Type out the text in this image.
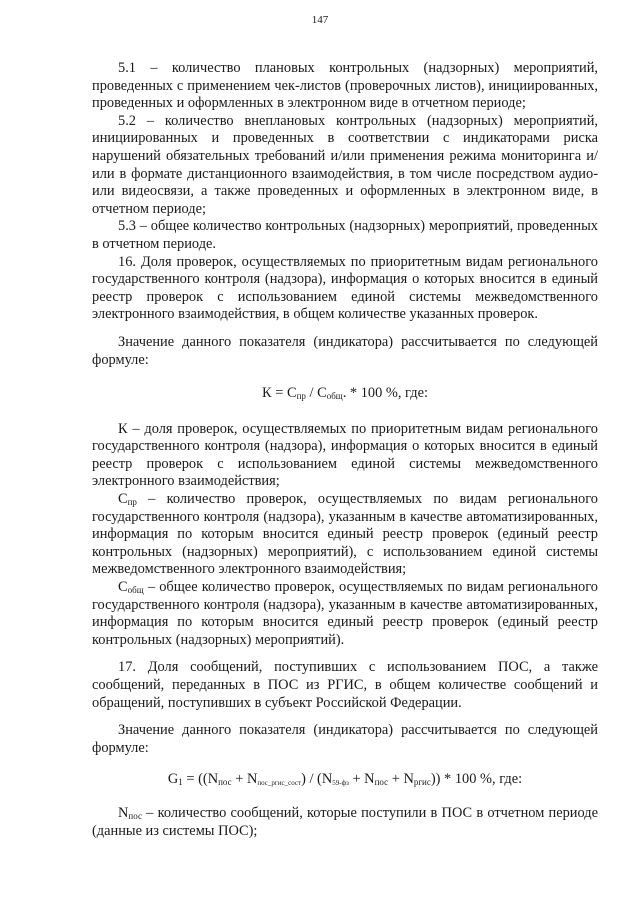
147

5.1 – количество плановых контрольных (надзорных) мероприятий, проведенных с применением чек-листов (проверочных листов), инициированных, проведенных и оформленных в электронном виде в отчетном периоде;

5.2 – количество внеплановых контрольных (надзорных) мероприятий, инициированных и проведенных в соответствии с индикаторами риска нарушений обязательных требований и/или применения режима мониторинга и/или в формате дистанционного взаимодействия, в том числе посредством аудио- или видеосвязи, а также проведенных и оформленных в электронном виде, в отчетном периоде;

5.3 – общее количество контрольных (надзорных) мероприятий, проведенных в отчетном периоде.

16. Доля проверок, осуществляемых по приоритетным видам регионального государственного контроля (надзора), информация о которых вносится в единый реестр проверок с использованием единой системы межведомственного электронного взаимодействия, в общем количестве указанных проверок.

Значение данного показателя (индикатора) рассчитывается по следующей формуле:

$К = С_{пр} / С_{общ}$. * 100 %, где:

К – доля проверок, осуществляемых по приоритетным видам регионального государственного контроля (надзора), информация о которых вносится в единый реестр проверок с использованием единой системы межведомственного электронного взаимодействия;

$С_{пр}$ – количество проверок, осуществляемых по видам регионального государственного контроля (надзора), указанным в качестве автоматизированных, информация по которым вносится единый реестр проверок (единый реестр контрольных (надзорных) мероприятий), с использованием единой системы межведомственного электронного взаимодействия;

$С_{общ}$ – общее количество проверок, осуществляемых по видам регионального государственного контроля (надзора), указанным в качестве автоматизированных, информация по которым вносится единый реестр проверок (единый реестр контрольных (надзорных) мероприятий).

17. Доля сообщений, поступивших с использованием ПОС, а также сообщений, переданных в ПОС из РГИС, в общем количестве сообщений и обращений, поступивших в субъект Российской Федерации.

Значение данного показателя (индикатора) рассчитывается по следующей формуле:

$G_1 = ((N_{пос} + N_{пос\_ргис\_сост}) / (N_{59-фз} + N_{пос} + N_{ргис})) * 100$ %, где:

$N_{пос}$ – количество сообщений, которые поступили в ПОС в отчетном периоде (данные из системы ПОС);
